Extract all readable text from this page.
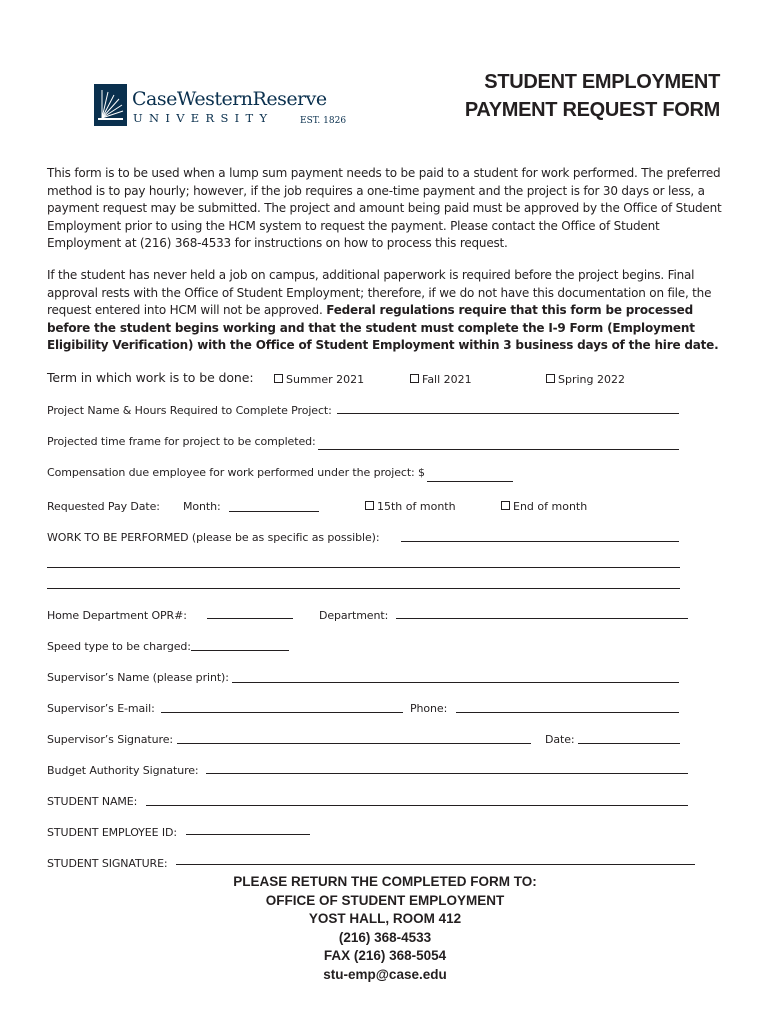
CaseWesternReserve
UNIVERSITY	EST. 1826
STUDENT EMPLOYMENT
PAYMENT REQUEST FORM
This form is to be used when a lump sum payment needs to be paid to a student for work performed. The preferred method is to pay hourly; however, if the job requires a one-time payment and the project is for 30 days or less, a payment request may be submitted. The project and amount being paid must be approved by the Office of Student Employment prior to using the HCM system to request the payment. Please contact the Office of Student Employment at (216) 368-4533 for instructions on how to process this request.
If the student has never held a job on campus, additional paperwork is required before the project begins. Final approval rests with the Office of Student Employment; therefore, if we do not have this documentation on file, the request entered into HCM will not be approved. Federal regulations require that this form be processed before the student begins working and that the student must complete the I-9 Form (Employment Eligibility Verification) with the Office of Student Employment within 3 business days of the hire date.
Term in which work is to be done:	Summer 2021	Fall 2021	Spring 2022
Project Name & Hours Required to Complete Project:
Projected time frame for project to be completed:
Compensation due employee for work performed under the project: $
Requested Pay Date: Month:	15th of month	End of month
WORK TO BE PERFORMED (please be as specific as possible):
Home Department OPR#:	Department:
Speed type to be charged:
Supervisor’s Name (please print):
Supervisor’s E-mail:	Phone:
Supervisor’s Signature:	Date:
Budget Authority Signature:
STUDENT NAME:
STUDENT EMPLOYEE ID:
STUDENT SIGNATURE:
PLEASE RETURN THE COMPLETED FORM TO:
OFFICE OF STUDENT EMPLOYMENT
YOST HALL, ROOM 412
(216) 368-4533
FAX (216) 368-5054
stu-emp@case.edu
